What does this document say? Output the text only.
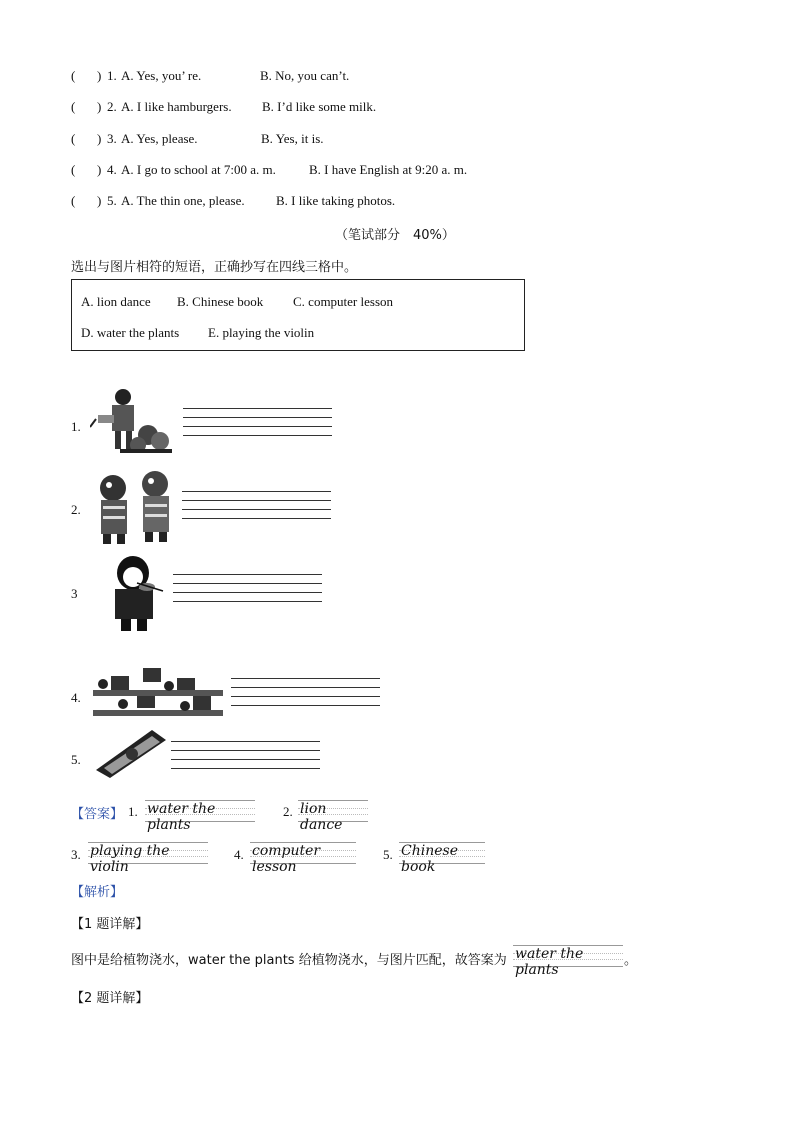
( ) 1. A. Yes, you’ re.	B. No, you can’t.
( ) 2. A. I like hamburgers. B. I’d like some milk.
( ) 3. A. Yes, please.	B. Yes, it is.
( ) 4. A. I go to school at 7:00 a. m.	B. I have English at 9:20 a. m.
( ) 5. A. The thin one, please. B. I like taking photos.
（笔试部分　40%）
选出与图片相符的短语，正确抄写在四线三格中。
A. lion dance B. Chinese book C. computer lesson
D. water the plants E. playing the violin
1.
2.
3
4.
5.
【答案】 1. water the plants
2. lion dance
3. playing the violin
4. computer lesson
5. Chinese book
【解析】
【1 题详解】
图中是给植物浇水，water the plants 给植物浇水，与图片匹配，故答案为 water the plants
。
【2 题详解】
